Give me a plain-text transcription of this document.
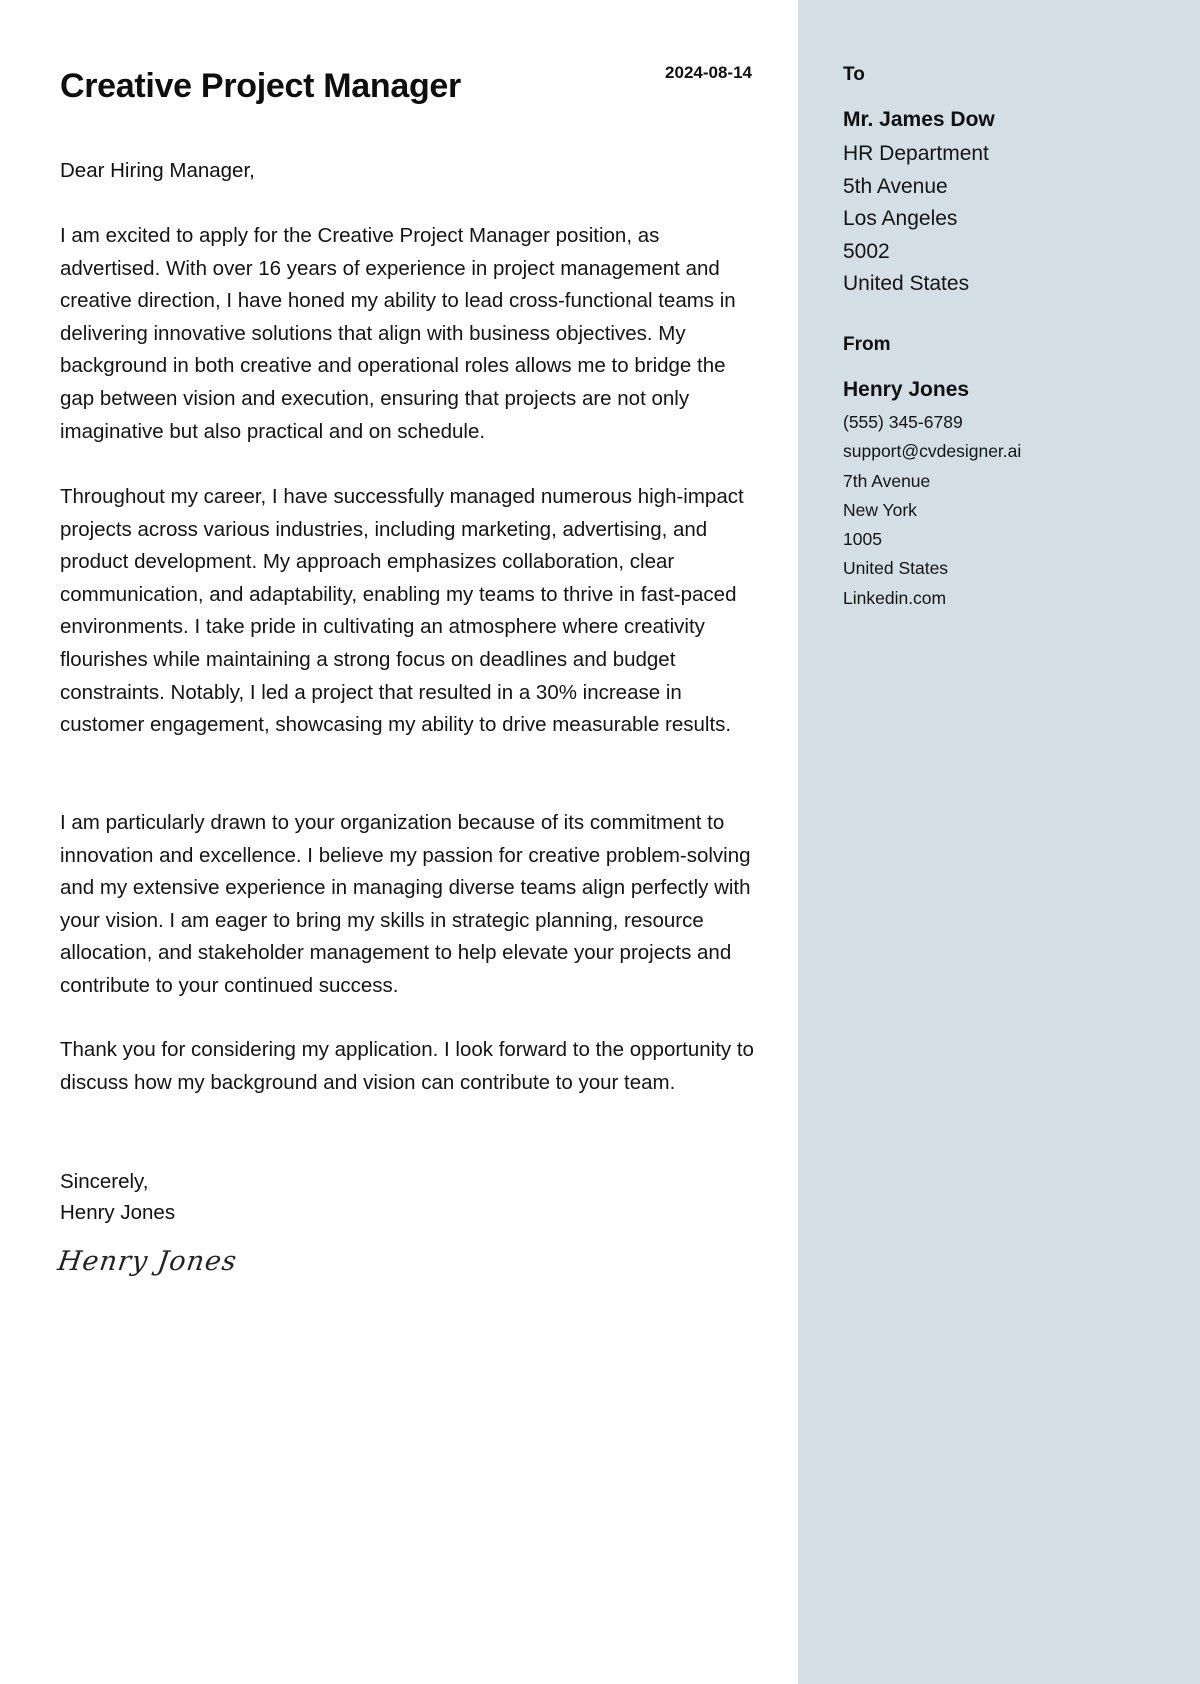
Creative Project Manager	2024-08-14

Dear Hiring Manager,

I am excited to apply for the Creative Project Manager position, as advertised. With over 16 years of experience in project management and creative direction, I have honed my ability to lead cross-functional teams in delivering innovative solutions that align with business objectives. My background in both creative and operational roles allows me to bridge the gap between vision and execution, ensuring that projects are not only imaginative but also practical and on schedule.

Throughout my career, I have successfully managed numerous high-impact projects across various industries, including marketing, advertising, and product development. My approach emphasizes collaboration, clear communication, and adaptability, enabling my teams to thrive in fast-paced environments. I take pride in cultivating an atmosphere where creativity flourishes while maintaining a strong focus on deadlines and budget constraints. Notably, I led a project that resulted in a 30% increase in customer engagement, showcasing my ability to drive measurable results.

I am particularly drawn to your organization because of its commitment to innovation and excellence. I believe my passion for creative problem-solving and my extensive experience in managing diverse teams align perfectly with your vision. I am eager to bring my skills in strategic planning, resource allocation, and stakeholder management to help elevate your projects and contribute to your continued success.

Thank you for considering my application. I look forward to the opportunity to discuss how my background and vision can contribute to your team.

Sincerely,
Henry Jones
Henry Jones
To
Mr. James Dow
HR Department
5th Avenue
Los Angeles
5002
United States
From
Henry Jones
(555) 345-6789
support@cvdesigner.ai
7th Avenue
New York
1005
United States
Linkedin.com
